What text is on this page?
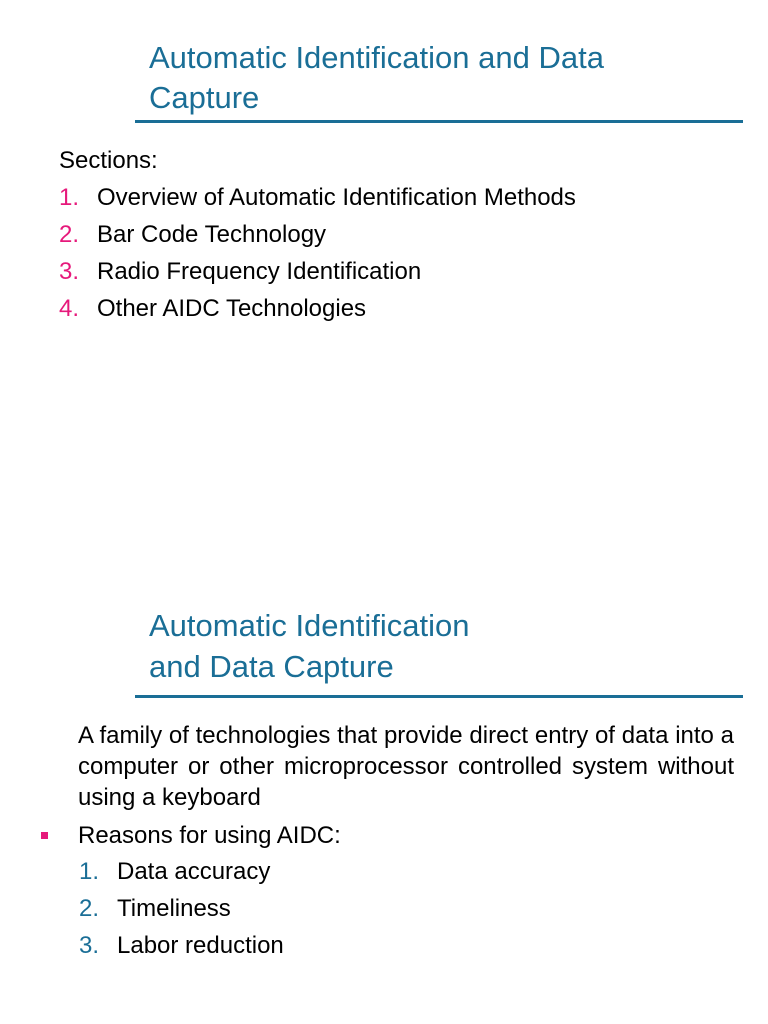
Automatic Identification and Data
Capture
Sections:
1. Overview of Automatic Identification Methods
2. Bar Code Technology
3. Radio Frequency Identification
4. Other AIDC Technologies
Automatic Identification
and Data Capture

A family of technologies that provide direct entry of data into a computer or other microprocessor controlled system without using a keyboard

Reasons for using AIDC:
1. Data accuracy
2. Timeliness
3. Labor reduction
